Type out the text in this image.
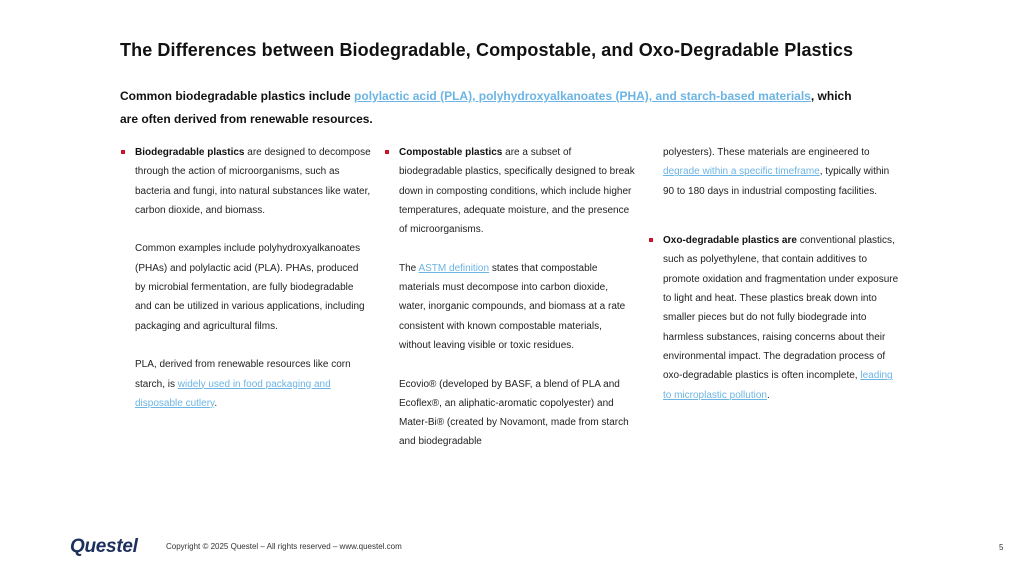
The Differences between Biodegradable, Compostable, and Oxo-Degradable Plastics
Common biodegradable plastics include polylactic acid (PLA), polyhydroxyalkanoates (PHA), and starch-based materials, which are often derived from renewable resources.

Biodegradable plastics are designed to decompose through the action of microorganisms, such as bacteria and fungi, into natural substances like water, carbon dioxide, and biomass.

Common examples include polyhydroxyalkanoates (PHAs) and polylactic acid (PLA). PHAs, produced by microbial fermentation, are fully biodegradable and can be utilized in various applications, including packaging and agricultural films.

PLA, derived from renewable resources like corn starch, is widely used in food packaging and disposable cutlery.

Compostable plastics are a subset of biodegradable plastics, specifically designed to break down in composting conditions, which include higher temperatures, adequate moisture, and the presence of microorganisms.

The ASTM definition states that compostable materials must decompose into carbon dioxide, water, inorganic compounds, and biomass at a rate consistent with known compostable materials, without leaving visible or toxic residues.

Ecovio® (developed by BASF, a blend of PLA and Ecoflex®, an aliphatic-aromatic copolyester) and Mater-Bi® (created by Novamont, made from starch and biodegradable

polyesters). These materials are engineered to degrade within a specific timeframe, typically within 90 to 180 days in industrial composting facilities.

Oxo-degradable plastics are conventional plastics, such as polyethylene, that contain additives to promote oxidation and fragmentation under exposure to light and heat. These plastics break down into smaller pieces but do not fully biodegrade into harmless substances, raising concerns about their environmental impact. The degradation process of oxo-degradable plastics is often incomplete, leading to microplastic pollution.

Questel	Copyright © 2025 Questel – All rights reserved – www.questel.com	5
